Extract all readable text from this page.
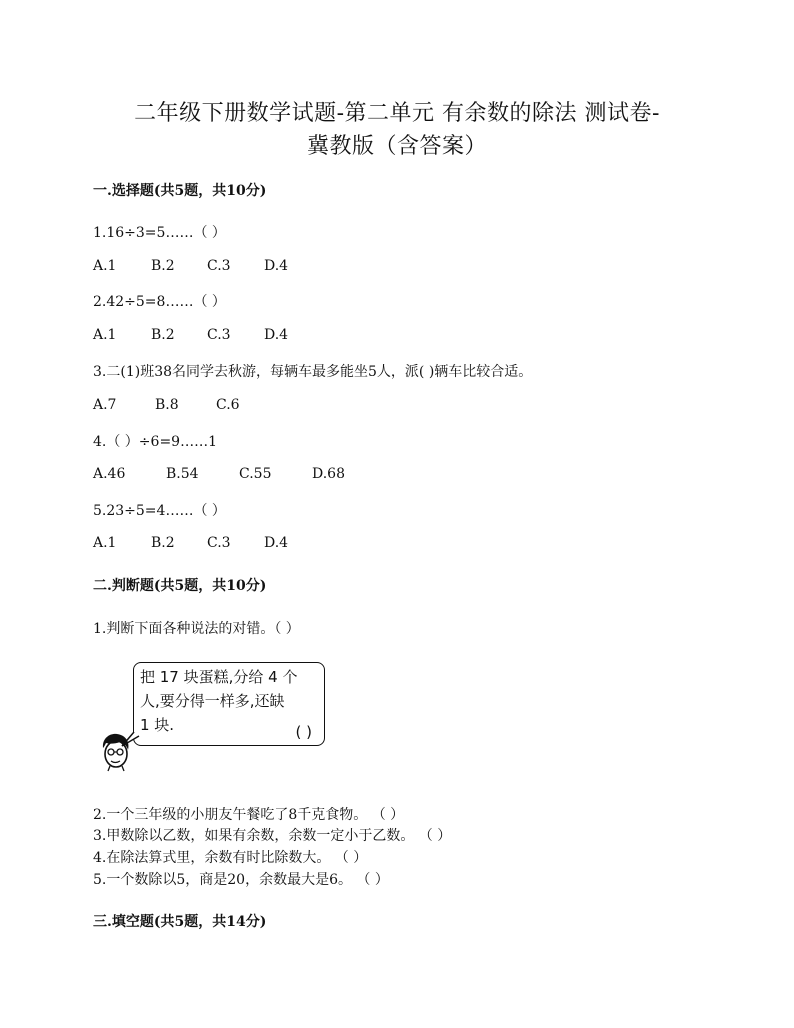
二年级下册数学试题-第二单元 有余数的除法 测试卷-
冀教版（含答案）
一.选择题(共5题，共10分)
1.16÷3=5……（ ）
A.1	B.2	C.3	D.4
2.42÷5=8……（ ）
A.1	B.2	C.3	D.4
3.二(1)班38名同学去秋游，每辆车最多能坐5人，派( )辆车比较合适。
A.7	B.8	C.6
4.（ ）÷6=9……1
A.46	B.54	C.55	D.68
5.23÷5=4……（ ）
A.1	B.2	C.3	D.4
二.判断题(共5题，共10分)
1.判断下面各种说法的对错。（ ）
把 17 块蛋糕,分给 4 个
人,要分得一样多,还缺
1 块.	( )
2.一个三年级的小朋友午餐吃了8千克食物。 （ ）
3.甲数除以乙数，如果有余数，余数一定小于乙数。 （ ）
4.在除法算式里，余数有时比除数大。 （ ）
5.一个数除以5，商是20，余数最大是6。 （ ）
三.填空题(共5题，共14分)
